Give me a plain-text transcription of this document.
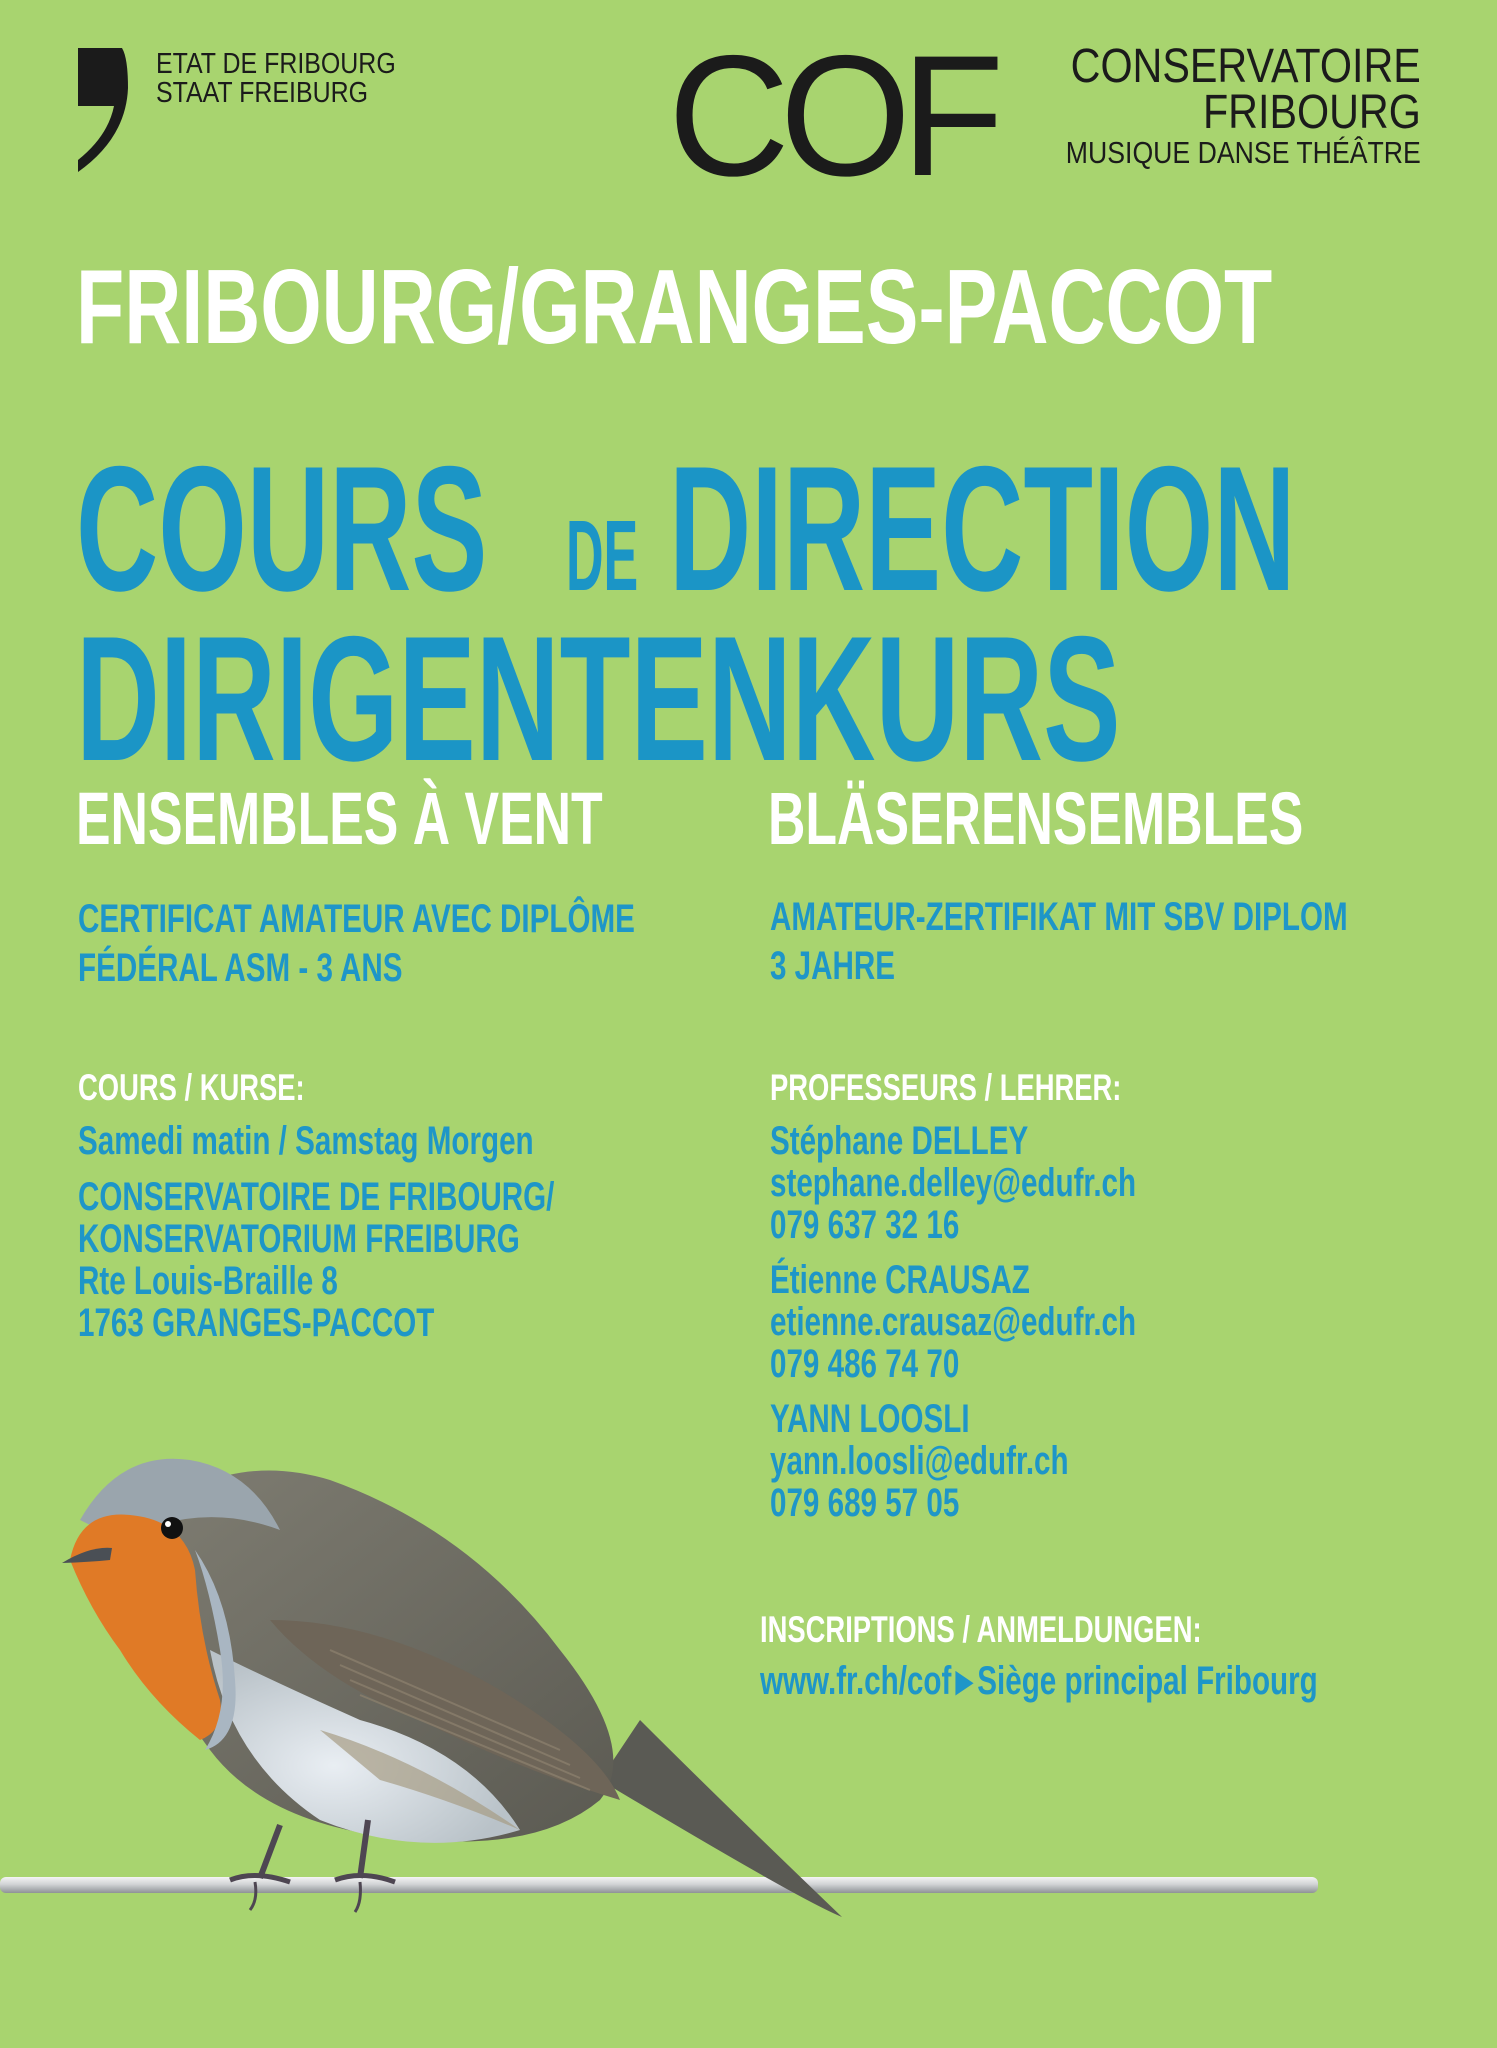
ETAT DE FRIBOURG
STAAT FREIBURG COF CONSERVATOIRE
FRIBOURG
MUSIQUE DANSE THÉÂTRE
FRIBOURG/GRANGES-PACCOT
COURS DE DIRECTION
DIRIGENTENKURS
ENSEMBLES À VENT	BLÄSERENSEMBLES
CERTIFICAT AMATEUR AVEC DIPLÔME
FÉDÉRAL ASM - 3 ANS
AMATEUR-ZERTIFIKAT MIT SBV DIPLOM
3 JAHRE
COURS / KURSE:
Samedi matin / Samstag Morgen
CONSERVATOIRE DE FRIBOURG/
KONSERVATORIUM FREIBURG
Rte Louis-Braille 8
1763 GRANGES-PACCOT
PROFESSEURS / LEHRER:
Stéphane DELLEY
stephane.delley@edufr.ch
079 637 32 16
Étienne CRAUSAZ
etienne.crausaz@edufr.ch
079 486 74 70
YANN LOOSLI
yann.loosli@edufr.ch
079 689 57 05
INSCRIPTIONS / ANMELDUNGEN:
www.fr.ch/cof ▶ Siège principal Fribourg
